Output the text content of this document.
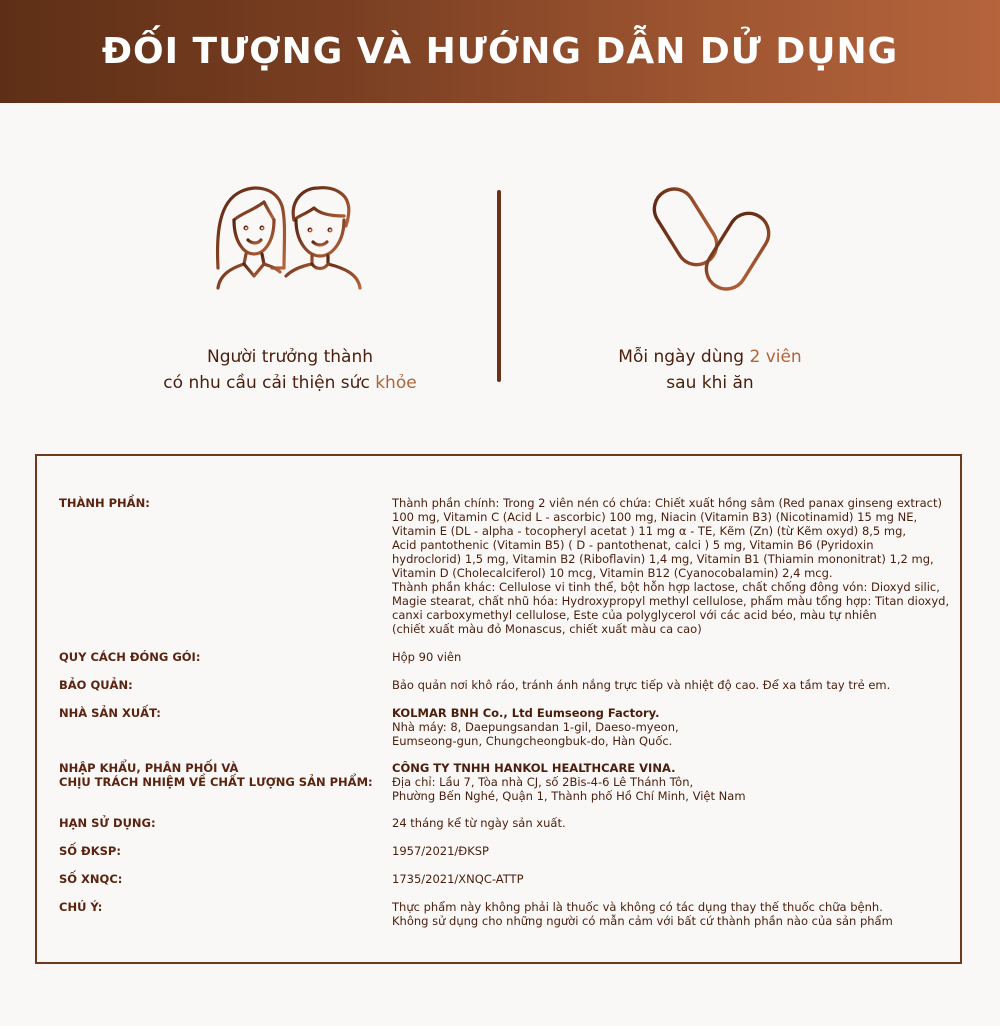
ĐỐI TƯỢNG VÀ HƯỚNG DẪN DỬ DỤNG
Người trưởng thành
có nhu cầu cải thiện sức khỏe
Mỗi ngày dùng 2 viên
sau khi ăn
THÀNH PHẦN:	Thành phần chính: Trong 2 viên nén có chứa: Chiết xuất hồng sâm (Red panax ginseng extract)
100 mg, Vitamin C (Acid L - ascorbic) 100 mg, Niacin (Vitamin B3) (Nicotinamid) 15 mg NE,
Vitamin E (DL - alpha - tocopheryl acetat ) 11 mg α - TE, Kẽm (Zn) (từ Kẽm oxyd) 8,5 mg,
Acid pantothenic (Vitamin B5) ( D - pantothenat, calci ) 5 mg, Vitamin B6 (Pyridoxin
hydroclorid) 1,5 mg, Vitamin B2 (Riboflavin) 1,4 mg, Vitamin B1 (Thiamin mononitrat) 1,2 mg,
Vitamin D (Cholecalciferol) 10 mcg, Vitamin B12 (Cyanocobalamin) 2,4 mcg.
Thành phần khác: Cellulose vi tinh thể, bột hỗn hợp lactose, chất chống đông vón: Dioxyd silic,
Magie stearat, chất nhũ hóa: Hydroxypropyl methyl cellulose, phẩm màu tổng hợp: Titan dioxyd,
canxi carboxymethyl cellulose, Este của polyglycerol với các acid béo, màu tự nhiên
(chiết xuất màu đỏ Monascus, chiết xuất màu ca cao)
QUY CÁCH ĐÓNG GÓI:	Hộp 90 viên
BẢO QUẢN:	Bảo quản nơi khô ráo, tránh ánh nắng trực tiếp và nhiệt độ cao. Để xa tầm tay trẻ em.
NHÀ SẢN XUẤT:	KOLMAR BNH Co., Ltd Eumseong Factory.
Nhà máy: 8, Daepungsandan 1-gil, Daeso-myeon,
Eumseong-gun, Chungcheongbuk-do, Hàn Quốc.
NHẬP KHẨU, PHÂN PHỐI VÀ
CHỊU TRÁCH NHIỆM VỀ CHẤT LƯỢNG SẢN PHẨM:
CÔNG TY TNHH HANKOL HEALTHCARE VINA.
Địa chỉ: Lầu 7, Tòa nhà CJ, số 2Bis-4-6 Lê Thánh Tôn,
Phường Bến Nghé, Quận 1, Thành phố Hồ Chí Minh, Việt Nam
HẠN SỬ DỤNG:	24 tháng kể từ ngày sản xuất.
SỐ ĐKSP:	1957/2021/ĐKSP
SỐ XNQC:	1735/2021/XNQC-ATTP
CHÚ Ý:	Thực phẩm này không phải là thuốc và không có tác dụng thay thế thuốc chữa bệnh.
Không sử dụng cho những người có mẫn cảm với bất cứ thành phần nào của sản phẩm
